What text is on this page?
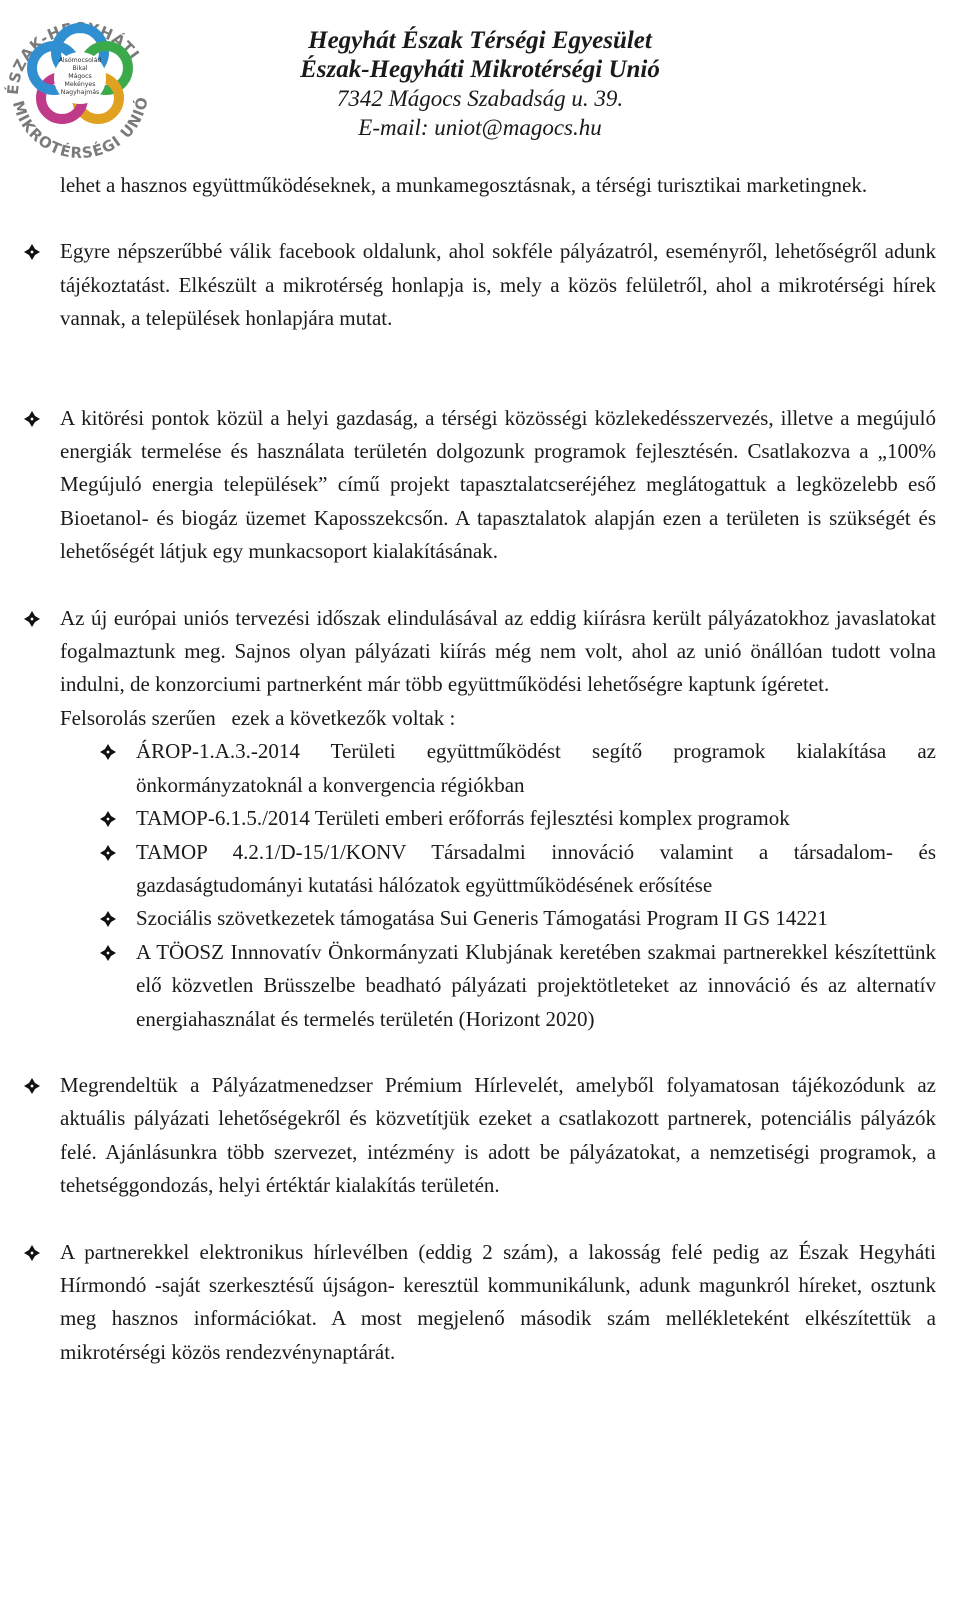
ÉSZAK-HEGYHÁTI
MIKROTÉRSÉGI UNIÓ
Alsómocsolád
Bikal
Mágocs
Mekényes
Nagyhajmás
Hegyhát Észak Térségi Egyesület
Észak-Hegyháti Mikrotérségi Unió
7342 Mágocs Szabadság u. 39.
E-mail: uniot@magocs.hu

lehet a hasznos együttműködéseknek, a munkamegosztásnak, a térségi turisztikai marketingnek.

Egyre népszerűbbé válik facebook oldalunk, ahol sokféle pályázatról, eseményről, lehetőségről adunk tájékoztatást. Elkészült a mikrotérség honlapja is, mely a közös felületről, ahol a mikrotérségi hírek vannak, a települések honlapjára mutat.

A kitörési pontok közül a helyi gazdaság, a térségi közösségi közlekedésszervezés, illetve a megújuló energiák termelése és használata területén dolgozunk programok fejlesztésén. Csatlakozva a „100% Megújuló energia települések” című projekt tapasztalatcseréjéhez meglátogattuk a legközelebb eső Bioetanol- és biogáz üzemet Kaposszekcsőn. A tapasztalatok alapján ezen a területen is szükségét és lehetőségét látjuk egy munkacsoport kialakításának.

Az új európai uniós tervezési időszak elindulásával az eddig kiírásra került pályázatokhoz javaslatokat fogalmaztunk meg. Sajnos olyan pályázati kiírás még nem volt, ahol az unió önállóan tudott volna indulni, de konzorciumi partnerként már több együttműködési lehetőségre kaptunk ígéretet.

Felsorolás szerűen   ezek a következők voltak :

ÁROP-1.A.3.-2014 Területi együttműködést segítő programok kialakítása az önkormányzatoknál a konvergencia régiókban

TAMOP-6.1.5./2014 Területi emberi erőforrás fejlesztési komplex programok

TAMOP 4.2.1/D-15/1/KONV Társadalmi innováció valamint a társadalom- és gazdaságtudományi kutatási hálózatok együttműködésének erősítése

Szociális szövetkezetek támogatása Sui Generis Támogatási Program II GS 14221

A TÖOSZ Innnovatív Önkormányzati Klubjának keretében szakmai partnerekkel készítettünk elő közvetlen Brüsszelbe beadható pályázati projektötleteket az innováció és az alternatív energiahasználat és termelés területén (Horizont 2020)

Megrendeltük a Pályázatmenedzser Prémium Hírlevelét, amelyből folyamatosan tájékozódunk az aktuális pályázati lehetőségekről és közvetítjük ezeket a csatlakozott partnerek, potenciális pályázók felé. Ajánlásunkra több szervezet, intézmény is adott be pályázatokat, a nemzetiségi programok, a tehetséggondozás, helyi értéktár kialakítás területén.

A partnerekkel elektronikus hírlevélben (eddig 2 szám), a lakosság felé pedig az Észak Hegyháti Hírmondó -saját szerkesztésű újságon- keresztül kommunikálunk, adunk magunkról híreket, osztunk meg hasznos információkat. A most megjelenő második szám mellékleteként elkészítettük a mikrotérségi közös rendezvénynaptárát.
